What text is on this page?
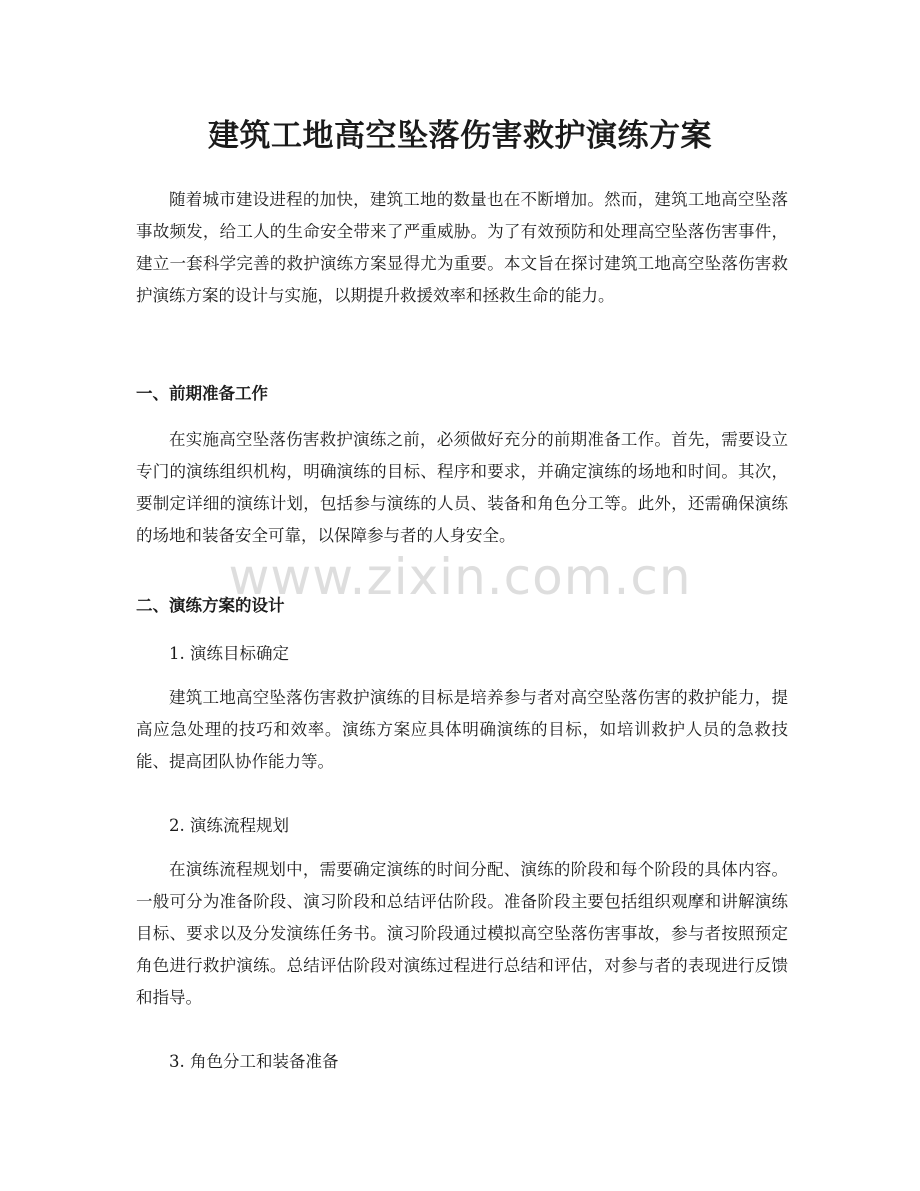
建筑工地高空坠落伤害救护演练方案

随着城市建设进程的加快，建筑工地的数量也在不断增加。然而，建筑工地高空坠落事故频发，给工人的生命安全带来了严重威胁。为了有效预防和处理高空坠落伤害事件，建立一套科学完善的救护演练方案显得尤为重要。本文旨在探讨建筑工地高空坠落伤害救护演练方案的设计与实施，以期提升救援效率和拯救生命的能力。

一、前期准备工作

在实施高空坠落伤害救护演练之前，必须做好充分的前期准备工作。首先，需要设立专门的演练组织机构，明确演练的目标、程序和要求，并确定演练的场地和时间。其次，要制定详细的演练计划，包括参与演练的人员、装备和角色分工等。此外，还需确保演练的场地和装备安全可靠，以保障参与者的人身安全。

www.zixin.com.cn
二、演练方案的设计

1. 演练目标确定

建筑工地高空坠落伤害救护演练的目标是培养参与者对高空坠落伤害的救护能力，提高应急处理的技巧和效率。演练方案应具体明确演练的目标，如培训救护人员的急救技能、提高团队协作能力等。

2. 演练流程规划

在演练流程规划中，需要确定演练的时间分配、演练的阶段和每个阶段的具体内容。一般可分为准备阶段、演习阶段和总结评估阶段。准备阶段主要包括组织观摩和讲解演练目标、要求以及分发演练任务书。演习阶段通过模拟高空坠落伤害事故，参与者按照预定角色进行救护演练。总结评估阶段对演练过程进行总结和评估，对参与者的表现进行反馈和指导。

3. 角色分工和装备准备
